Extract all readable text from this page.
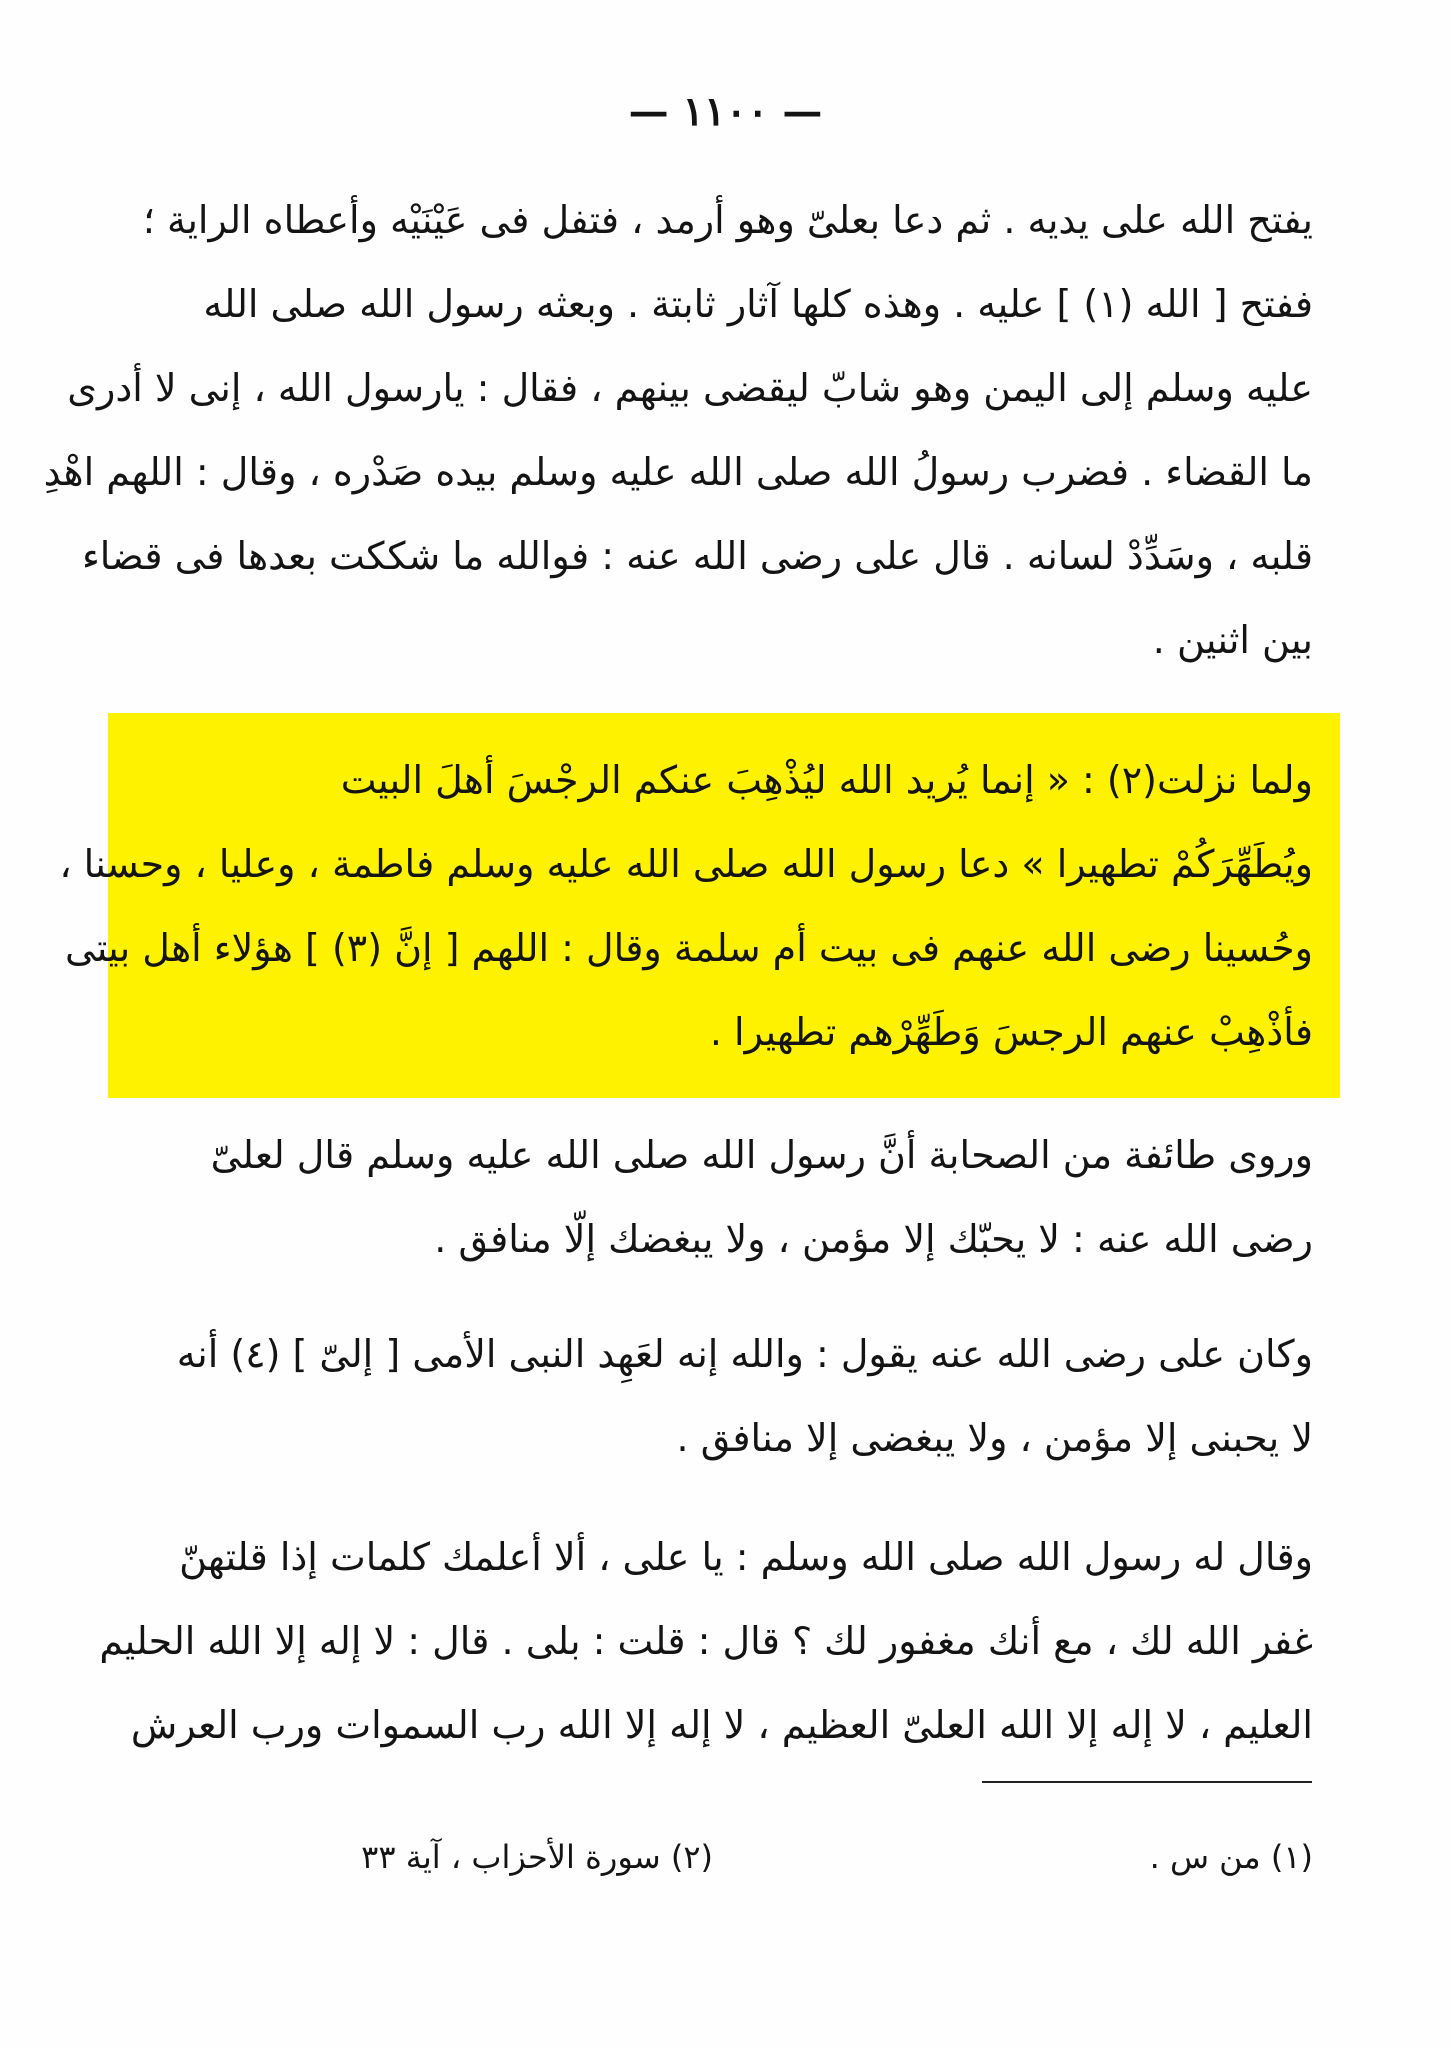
— ١١٠٠ —
يفتح الله على يديه . ثم دعا بعلىّ وهو أرمد ، فتفل فى عَيْنَيْه وأعطاه الراية ؛
ففتح [ الله (١) ] عليه . وهذه كلها آثار ثابتة . وبعثه رسول الله صلى الله
عليه وسلم إلى اليمن وهو شابّ ليقضى بينهم ، فقال : يارسول الله ، إنى لا أدرى
ما القضاء . فضرب رسولُ الله صلى الله عليه وسلم بيده صَدْره ، وقال : اللهم اهْدِ
قلبه ، وسَدِّدْ لسانه . قال على رضى الله عنه : فوالله ما شككت بعدها فى قضاء
بين اثنين .
ولما نزلت(٢) : « إنما يُريد الله ليُذْهِبَ عنكم الرجْسَ أهلَ البيت
ويُطَهِّرَكُمْ تطهيرا » دعا رسول الله صلى الله عليه وسلم فاطمة ، وعليا ، وحسنا ،
وحُسينا رضى الله عنهم فى بيت أم سلمة وقال : اللهم [ إنَّ (٣) ] هؤلاء أهل بيتى
فأذْهِبْ عنهم الرجسَ وَطَهِّرْهم تطهيرا .
وروى طائفة من الصحابة أنَّ رسول الله صلى الله عليه وسلم قال لعلىّ
رضى الله عنه : لا يحبّك إلا مؤمن ، ولا يبغضك إلّا منافق .
وكان على رضى الله عنه يقول : والله إنه لعَهِد النبى الأمى [ إلىّ ] (٤) أنه
لا يحبنى إلا مؤمن ، ولا يبغضى إلا منافق .
وقال له رسول الله صلى الله وسلم : يا على ، ألا أعلمك كلمات إذا قلتهنّ
غفر الله لك ، مع أنك مغفور لك ؟ قال : قلت : بلى . قال : لا إله إلا الله الحليم
العليم ، لا إله إلا الله العلىّ العظيم ، لا إله إلا الله رب السموات ورب العرش
(١) من س .
(٢) سورة الأحزاب ، آية ٣٣
